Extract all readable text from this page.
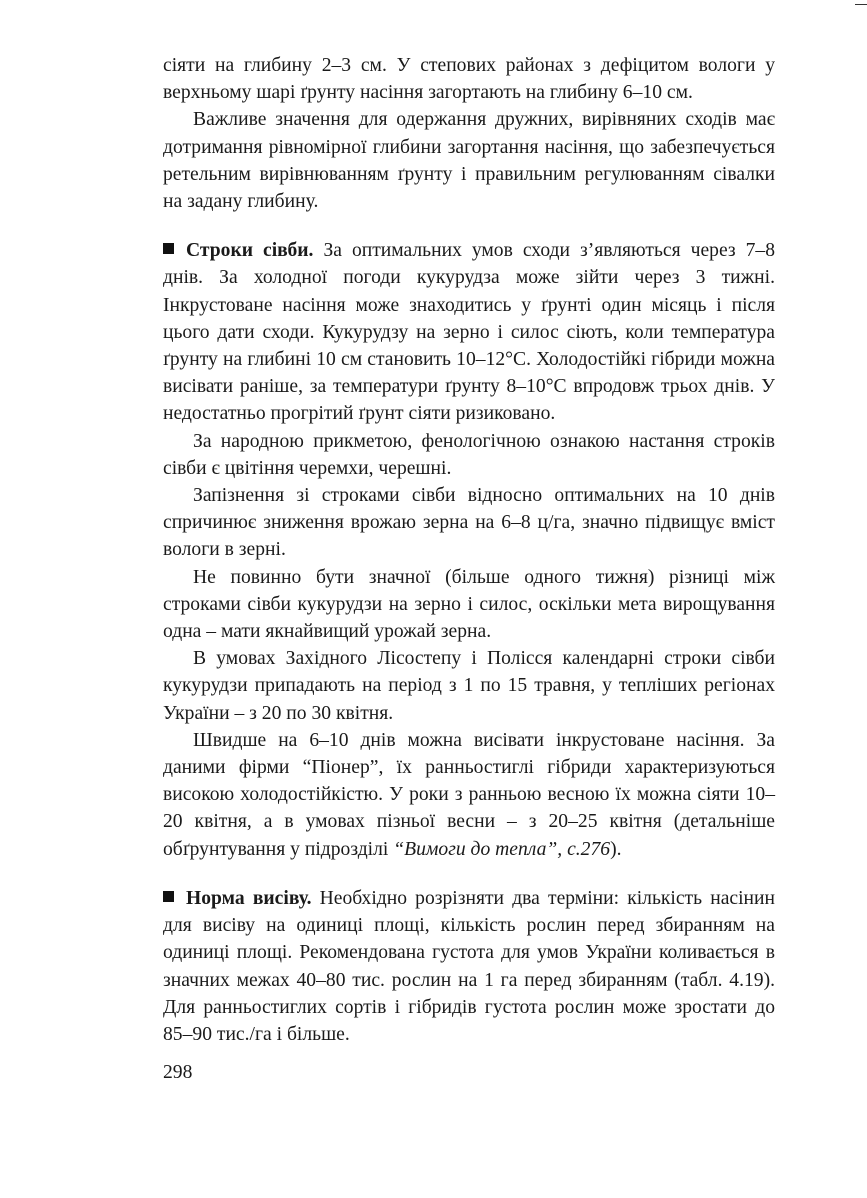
сіяти на глибину 2–3 см. У степових районах з дефіцитом вологи у верхньому шарі ґрунту насіння загортають на глибину 6–10 см.

Важливе значення для одержання дружних, вирівняних сходів має дотримання рівномірної глибини загортання насіння, що забезпечується ретельним вирівнюванням ґрунту і правильним регулюванням сівалки на задану глибину.

Строки сівби. За оптимальних умов сходи з’являються через 7–8 днів. За холодної погоди кукурудза може зійти через 3 тижні. Інкрустоване насіння може знаходитись у ґрунті один місяць і після цього дати сходи. Кукурудзу на зерно і силос сіють, коли температура ґрунту на глибині 10 см становить 10–12°С. Холодостійкі гібриди можна висівати раніше, за температури ґрунту 8–10°С впродовж трьох днів. У недостатньо прогрітий ґрунт сіяти ризиковано.

За народною прикметою, фенологічною ознакою настання строків сівби є цвітіння черемхи, черешні.

Запізнення зі строками сівби відносно оптимальних на 10 днів спричинює зниження врожаю зерна на 6–8 ц/га, значно підвищує вміст вологи в зерні.

Не повинно бути значної (більше одного тижня) різниці між строками сівби кукурудзи на зерно і силос, оскільки мета вирощування одна – мати якнайвищий урожай зерна.

В умовах Західного Лісостепу і Полісся календарні строки сівби кукурудзи припадають на період з 1 по 15 травня, у тепліших регіонах України – з 20 по 30 квітня.

Швидше на 6–10 днів можна висівати інкрустоване насіння. За даними фірми “Піонер”, їх ранньостиглі гібриди характеризуються високою холодостійкістю. У роки з ранньою весною їх можна сіяти 10–20 квітня, а в умовах пізньої весни – з 20–25 квітня (детальніше обґрунтування у підрозділі “Вимоги до тепла”, с.276).

Норма висіву. Необхідно розрізняти два терміни: кількість насінин для висіву на одиниці площі, кількість рослин перед збиранням на одиниці площі. Рекомендована густота для умов України коливається в значних межах 40–80 тис. рослин на 1 га перед збиранням (табл. 4.19). Для ранньостиглих сортів і гібридів густота рослин може зростати до 85–90 тис./га і більше.

298
